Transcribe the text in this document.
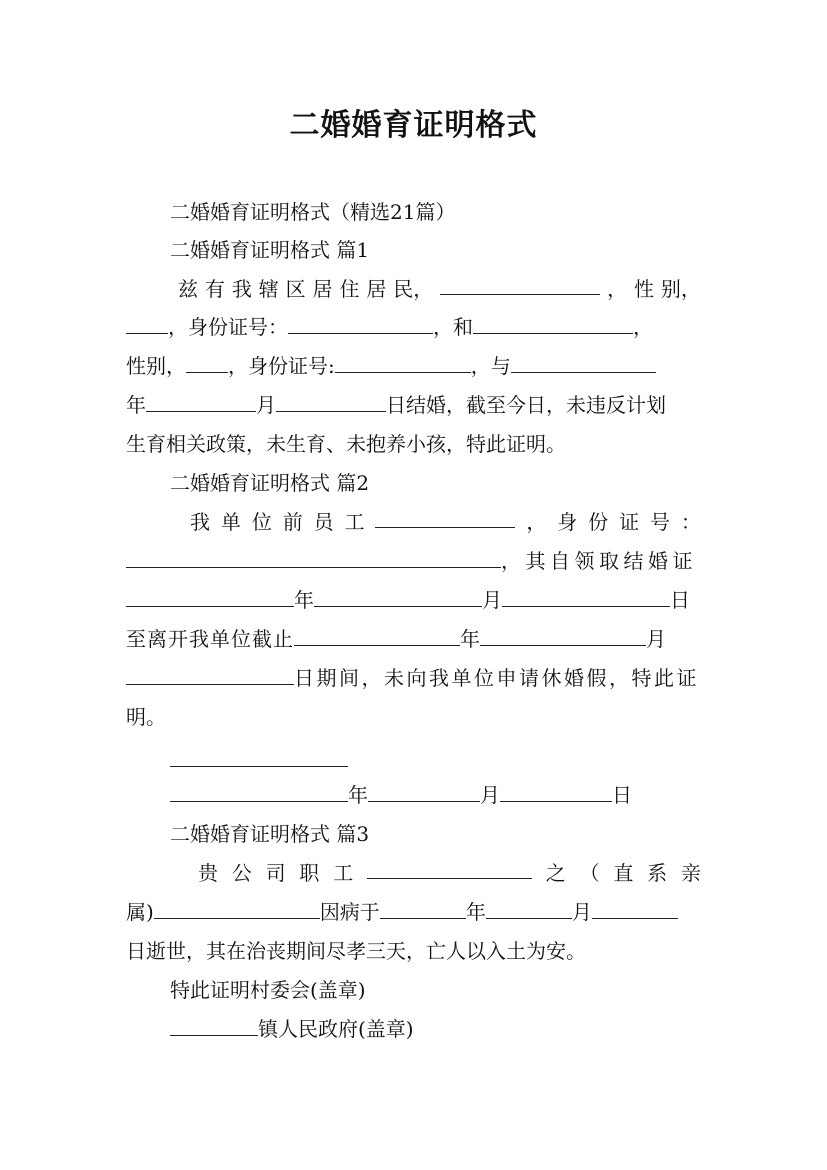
二婚婚育证明格式
二婚婚育证明格式（精选21篇）
二婚婚育证明格式 篇1
兹 有 我 辖 区 居 住 居 民，	， 性 别，
，身份证号：	，和	，
性别， ，身份证号:	，与
年	月	日结婚，截至今日，未违反计划
生育相关政策，未生育、未抱养小孩，特此证明。
二婚婚育证明格式 篇2
我 单 位 前 员 工	， 身 份 证 号 ：
，其自领取结婚证
年	月	日
至离开我单位截止	年	月
日期间，未向我单位申请休婚假，特此证
明。
年	月	日
二婚婚育证明格式 篇3
贵 公 司 职 工	之 （ 直 系 亲
属)	因病于	年	月
日逝世，其在治丧期间尽孝三天，亡人以入土为安。
特此证明村委会(盖章)
镇人民政府(盖章)
